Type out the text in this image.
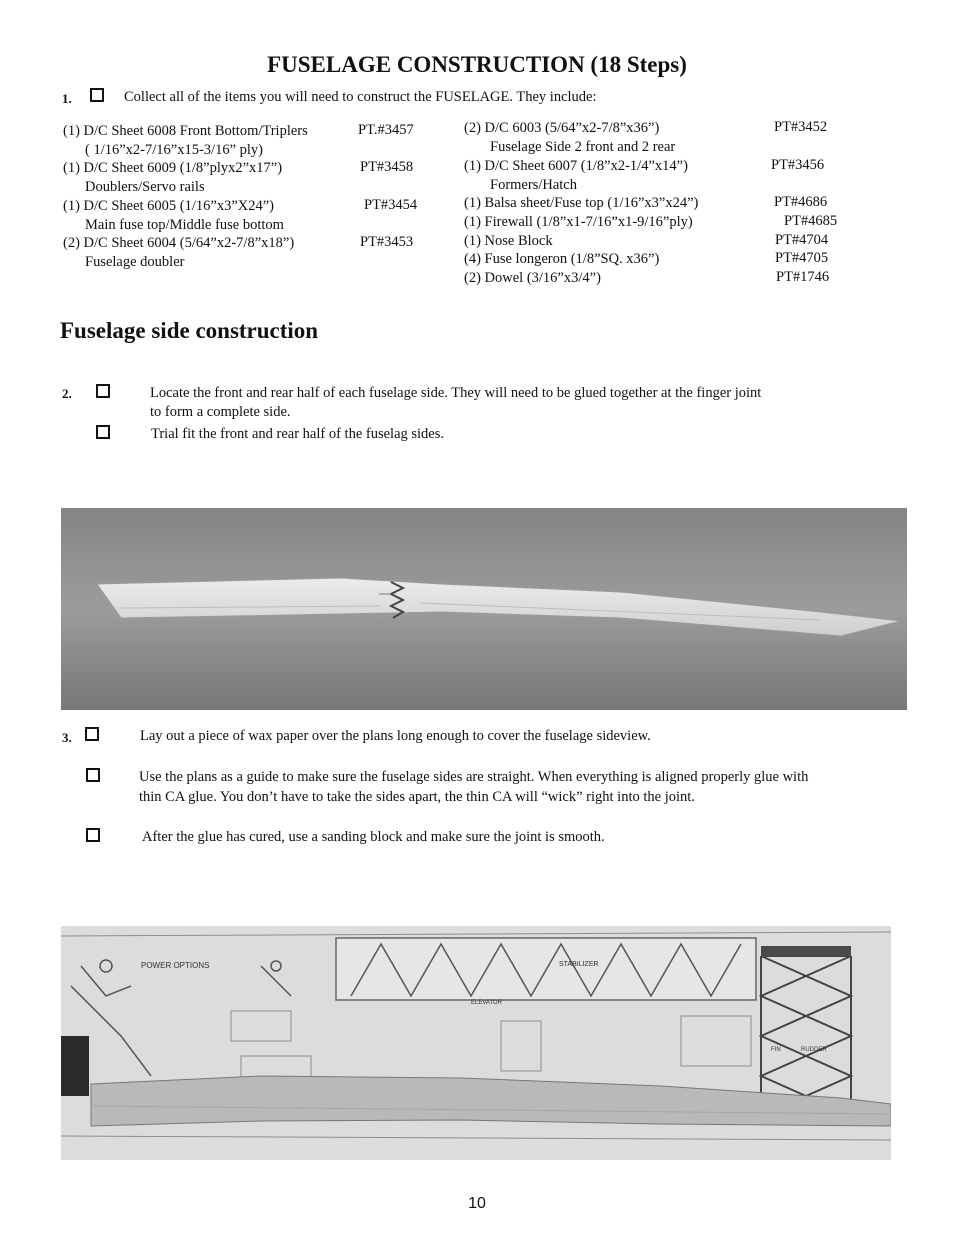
FUSELAGE CONSTRUCTION (18 Steps)
1.	Collect all of the items you will need to construct the FUSELAGE. They include:
(1) D/C Sheet 6008 Front Bottom/Triplers	PT.#3457
( 1/16”x2-7/16”x15-3/16” ply)
(1) D/C Sheet 6009 (1/8”plyx2”x17”)	PT#3458
Doublers/Servo rails
(1) D/C Sheet 6005 (1/16”x3”X24”)	PT#3454
Main fuse top/Middle fuse bottom
(2) D/C Sheet 6004 (5/64”x2-7/8”x18”)	PT#3453
Fuselage doubler
(2) D/C 6003 (5/64”x2-7/8”x36”)	PT#3452
Fuselage Side 2 front and 2 rear
(1) D/C Sheet 6007 (1/8”x2-1/4”x14”)	PT#3456
Formers/Hatch
(1) Balsa sheet/Fuse top (1/16”x3”x24”)	PT#4686
(1) Firewall (1/8”x1-7/16”x1-9/16”ply)	PT#4685
(1) Nose Block	PT#4704
(4) Fuse longeron (1/8”SQ. x36”)	PT#4705
(2) Dowel (3/16”x3/4”)	PT#1746
Fuselage side construction
2.	Locate the front and rear half of each fuselage side. They will need to be glued together at the finger joint
to form a complete side.
Trial fit the front and rear half of the fuselag sides.
3.	Lay out a piece of wax paper over the plans long enough to cover the fuselage sideview.
Use the plans as a guide to make sure the fuselage sides are straight. When everything is aligned properly glue with
thin CA glue. You don’t have to take the sides apart, the thin CA will “wick” right into the joint.
After the glue has cured, use a sanding block and make sure the joint is smooth.
POWER OPTIONS	STABILIZER
ELEVATOR
FIN	RUDDER
10
